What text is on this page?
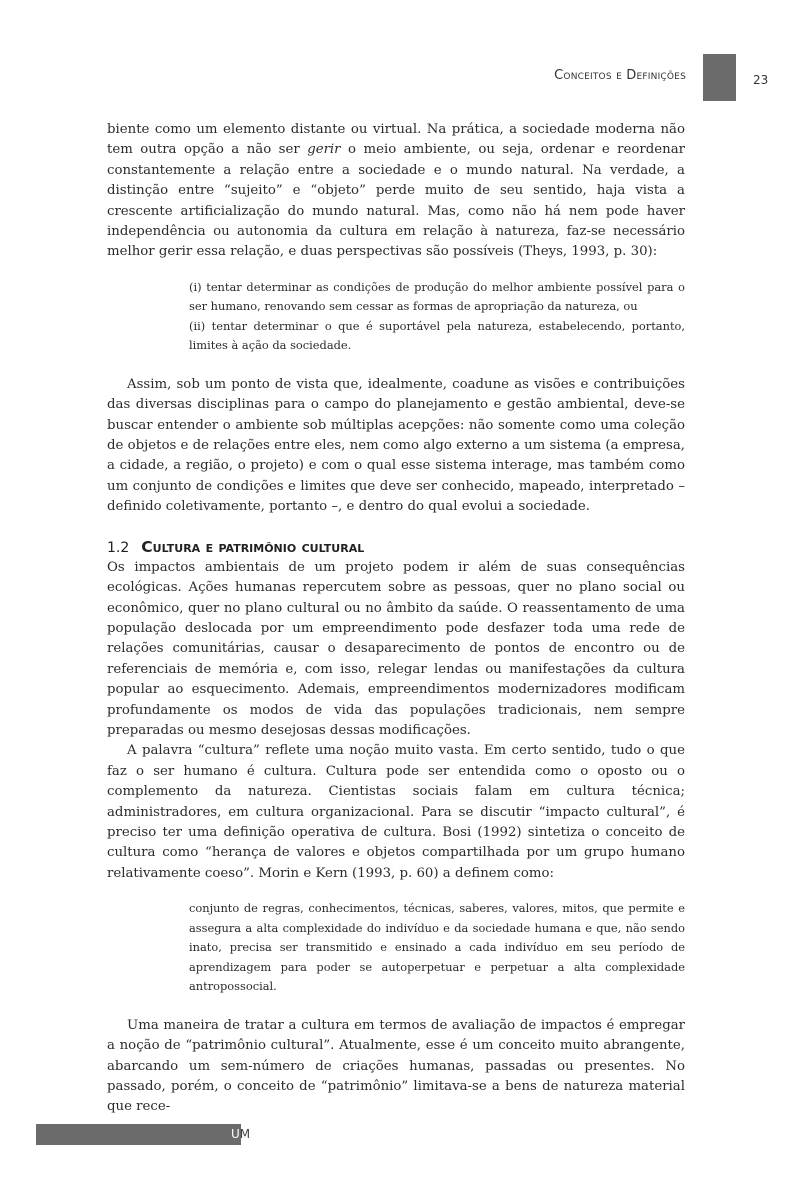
Conceitos e Definições	23

biente como um elemento distante ou virtual. Na prática, a sociedade moderna não tem outra opção a não ser gerir o meio ambiente, ou seja, ordenar e reordenar constantemente a relação entre a sociedade e o mundo natural. Na verdade, a distinção entre “sujeito” e “objeto” perde muito de seu sentido, haja vista a crescente artificialização do mundo natural. Mas, como não há nem pode haver independência ou autonomia da cultura em relação à natureza, faz-se necessário melhor gerir essa relação, e duas perspectivas são possíveis (Theys, 1993, p. 30):

(i) tentar determinar as condições de produção do melhor ambiente possível para o ser humano, renovando sem cessar as formas de apropriação da natureza, ou

(ii) tentar determinar o que é suportável pela natureza, estabelecendo, portanto, limites à ação da sociedade.

Assim, sob um ponto de vista que, idealmente, coadune as visões e contribuições das diversas disciplinas para o campo do planejamento e gestão ambiental, deve-se buscar entender o ambiente sob múltiplas acepções: não somente como uma coleção de objetos e de relações entre eles, nem como algo externo a um sistema (a empresa, a cidade, a região, o projeto) e com o qual esse sistema interage, mas também como um conjunto de condições e limites que deve ser conhecido, mapeado, interpretado – definido coletivamente, portanto –, e dentro do qual evolui a sociedade.

1.2 Cultura e patrimônio cultural

Os impactos ambientais de um projeto podem ir além de suas consequências ecológicas. Ações humanas repercutem sobre as pessoas, quer no plano social ou econômico, quer no plano cultural ou no âmbito da saúde. O reassentamento de uma população deslocada por um empreendimento pode desfazer toda uma rede de relações comunitárias, causar o desaparecimento de pontos de encontro ou de referenciais de memória e, com isso, relegar lendas ou manifestações da cultura popular ao esquecimento. Ademais, empreendimentos modernizadores modificam profundamente os modos de vida das populações tradicionais, nem sempre preparadas ou mesmo desejosas dessas modificações.

A palavra “cultura” reflete uma noção muito vasta. Em certo sentido, tudo o que faz o ser humano é cultura. Cultura pode ser entendida como o oposto ou o complemento da natureza. Cientistas sociais falam em cultura técnica; administradores, em cultura organizacional. Para se discutir “impacto cultural”, é preciso ter uma definição operativa de cultura. Bosi (1992) sintetiza o conceito de cultura como “herança de valores e objetos compartilhada por um grupo humano relativamente coeso”. Morin e Kern (1993, p. 60) a definem como:

conjunto de regras, conhecimentos, técnicas, saberes, valores, mitos, que permite e assegura a alta complexidade do indivíduo e da sociedade humana e que, não sendo inato, precisa ser transmitido e ensinado a cada indivíduo em seu período de aprendizagem para poder se autoperpetuar e perpetuar a alta complexidade antropossocial.

Uma maneira de tratar a cultura em termos de avaliação de impactos é empregar a noção de “patrimônio cultural”. Atualmente, esse é um conceito muito abrangente, abarcando um sem-número de criações humanas, passadas ou presentes. No passado, porém, o conceito de “patrimônio” limitava-se a bens de natureza material que rece-

UM
